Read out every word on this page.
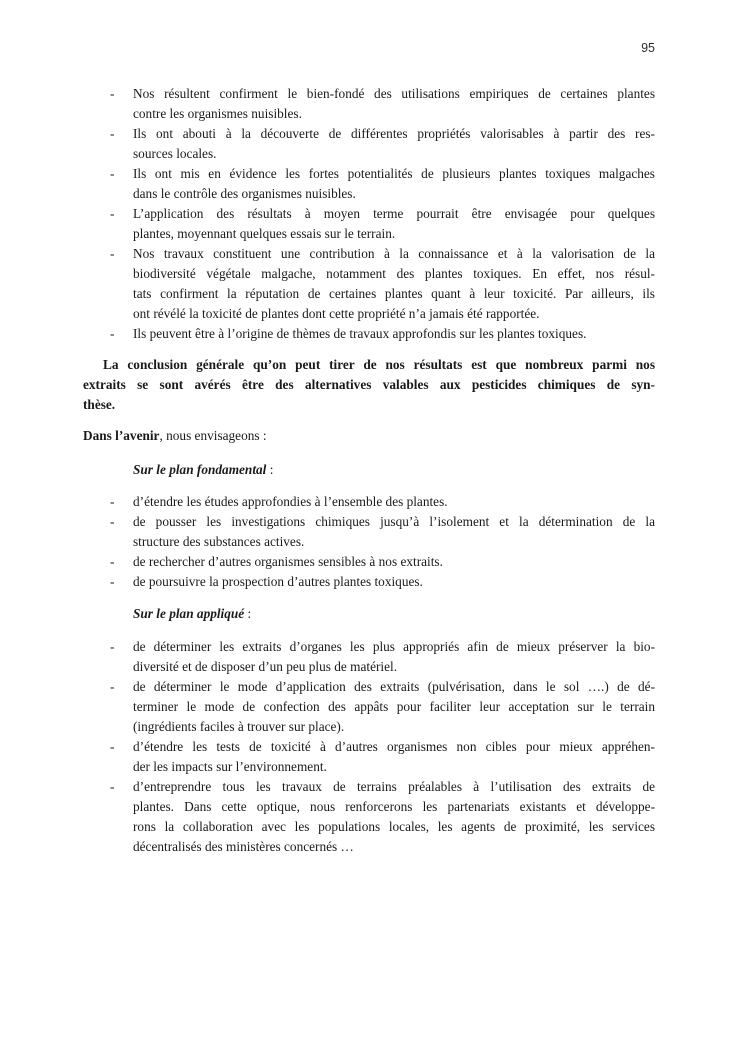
95
-	Nos résultent confirment le bien-fondé des utilisations empiriques de certaines plantes
contre les organismes nuisibles.
-	Ils ont abouti à la découverte de différentes propriétés valorisables à partir des res-
sources locales.
-	Ils ont mis en évidence les fortes potentialités de plusieurs plantes toxiques malgaches
dans le contrôle des organismes nuisibles.
-	L’application des résultats à moyen terme pourrait être envisagée pour quelques
plantes, moyennant quelques essais sur le terrain.
-	Nos travaux constituent une contribution à la connaissance et à la valorisation de la
biodiversité végétale malgache, notamment des plantes toxiques. En effet, nos résul-
tats confirment la réputation de certaines plantes quant à leur toxicité. Par ailleurs, ils
ont révélé la toxicité de plantes dont cette propriété n’a jamais été rapportée.
-	Ils peuvent être à l’origine de thèmes de travaux approfondis sur les plantes toxiques.
La conclusion générale qu’on peut tirer de nos résultats est que nombreux parmi nos
extraits se sont avérés être des alternatives valables aux pesticides chimiques de syn-
thèse.
Dans l’avenir, nous envisageons :
Sur le plan fondamental :
-	d’étendre les études approfondies à l’ensemble des plantes.
-	de pousser les investigations chimiques jusqu’à l’isolement et la détermination de la
structure des substances actives.
-	de rechercher d’autres organismes sensibles à nos extraits.
-	de poursuivre la prospection d’autres plantes toxiques.
Sur le plan appliqué :
-	de déterminer les extraits d’organes les plus appropriés afin de mieux préserver la bio-
diversité et de disposer d’un peu plus de matériel.
-	de déterminer le mode d’application des extraits (pulvérisation, dans le sol ….) de dé-
terminer le mode de confection des appâts pour faciliter leur acceptation sur le terrain
(ingrédients faciles à trouver sur place).
-	d’étendre les tests de toxicité à d’autres organismes non cibles pour mieux appréhen-
der les impacts sur l’environnement.
-	d’entreprendre tous les travaux de terrains préalables à l’utilisation des extraits de
plantes. Dans cette optique, nous renforcerons les partenariats existants et développe-
rons la collaboration avec les populations locales, les agents de proximité, les services
décentralisés des ministères concernés …
